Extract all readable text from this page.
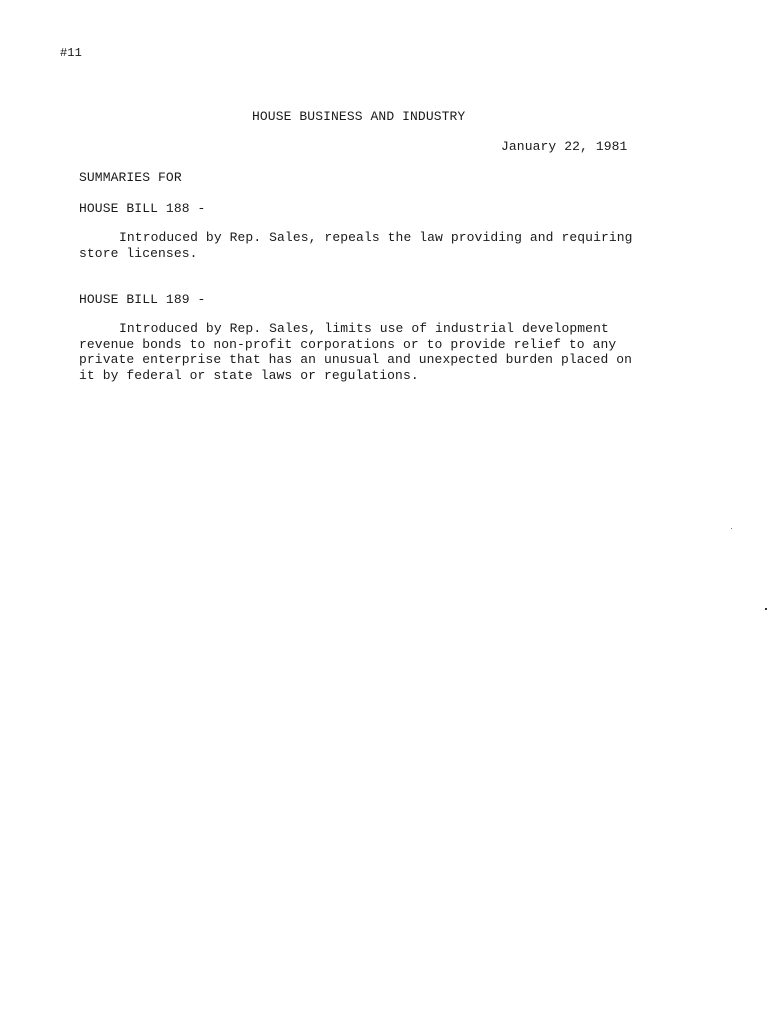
#11
HOUSE BUSINESS AND INDUSTRY
January 22, 1981
SUMMARIES FOR
HOUSE BILL 188 -
Introduced by Rep. Sales, repeals the law providing and requiring store licenses.
HOUSE BILL 189 -
Introduced by Rep. Sales, limits use of industrial development revenue bonds to non-profit corporations or to provide relief to any private enterprise that has an unusual and unexpected burden placed on it by federal or state laws or regulations.
